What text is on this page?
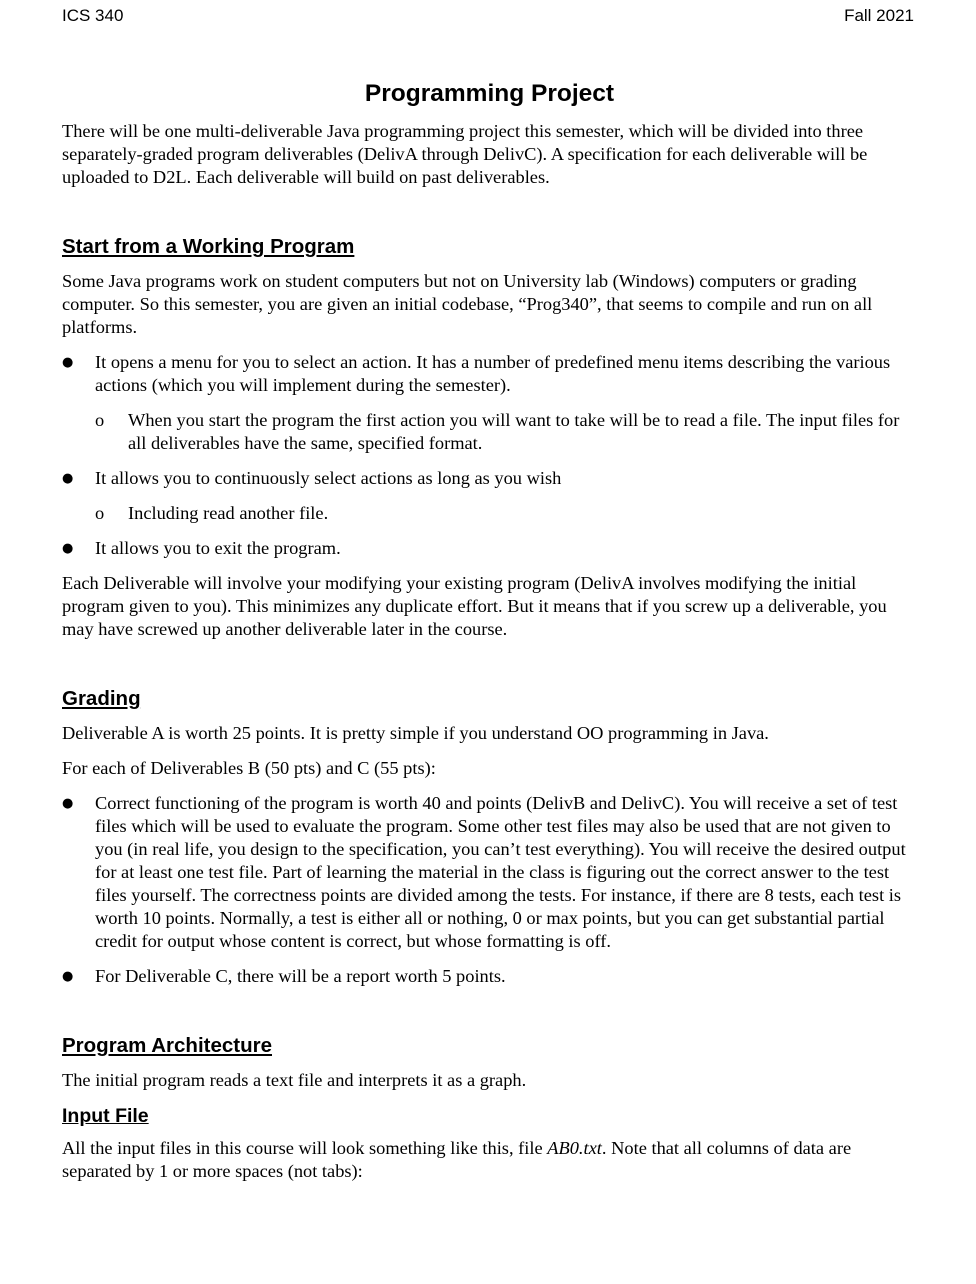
ICS 340	Fall 2021
Programming Project

There will be one multi-deliverable Java programming project this semester, which will be divided into three separately-graded program deliverables (DelivA through DelivC). A specification for each deliverable will be uploaded to D2L. Each deliverable will build on past deliverables.

Start from a Working Program

Some Java programs work on student computers but not on University lab (Windows) computers or grading computer. So this semester, you are given an initial codebase, “Prog340”, that seems to compile and run on all platforms.

● It opens a menu for you to select an action. It has a number of predefined menu items describing the various actions (which you will implement during the semester).
o When you start the program the first action you will want to take will be to read a file. The input files for all deliverables have the same, specified format.
● It allows you to continuously select actions as long as you wish
o Including read another file.
● It allows you to exit the program.

Each Deliverable will involve your modifying your existing program (DelivA involves modifying the initial program given to you). This minimizes any duplicate effort. But it means that if you screw up a deliverable, you may have screwed up another deliverable later in the course.

Grading

Deliverable A is worth 25 points. It is pretty simple if you understand OO programming in Java.

For each of Deliverables B (50 pts) and C (55 pts):

● Correct functioning of the program is worth 40 and points (DelivB and DelivC). You will receive a set of test files which will be used to evaluate the program. Some other test files may also be used that are not given to you (in real life, you design to the specification, you can’t test everything). You will receive the desired output for at least one test file. Part of learning the material in the class is figuring out the correct answer to the test files yourself. The correctness points are divided among the tests. For instance, if there are 8 tests, each test is worth 10 points. Normally, a test is either all or nothing, 0 or max points, but you can get substantial partial credit for output whose content is correct, but whose formatting is off.
● For Deliverable C, there will be a report worth 5 points.
Program Architecture

The initial program reads a text file and interprets it as a graph.

Input File

All the input files in this course will look something like this, file AB0.txt. Note that all columns of data are separated by 1 or more spaces (not tabs):
